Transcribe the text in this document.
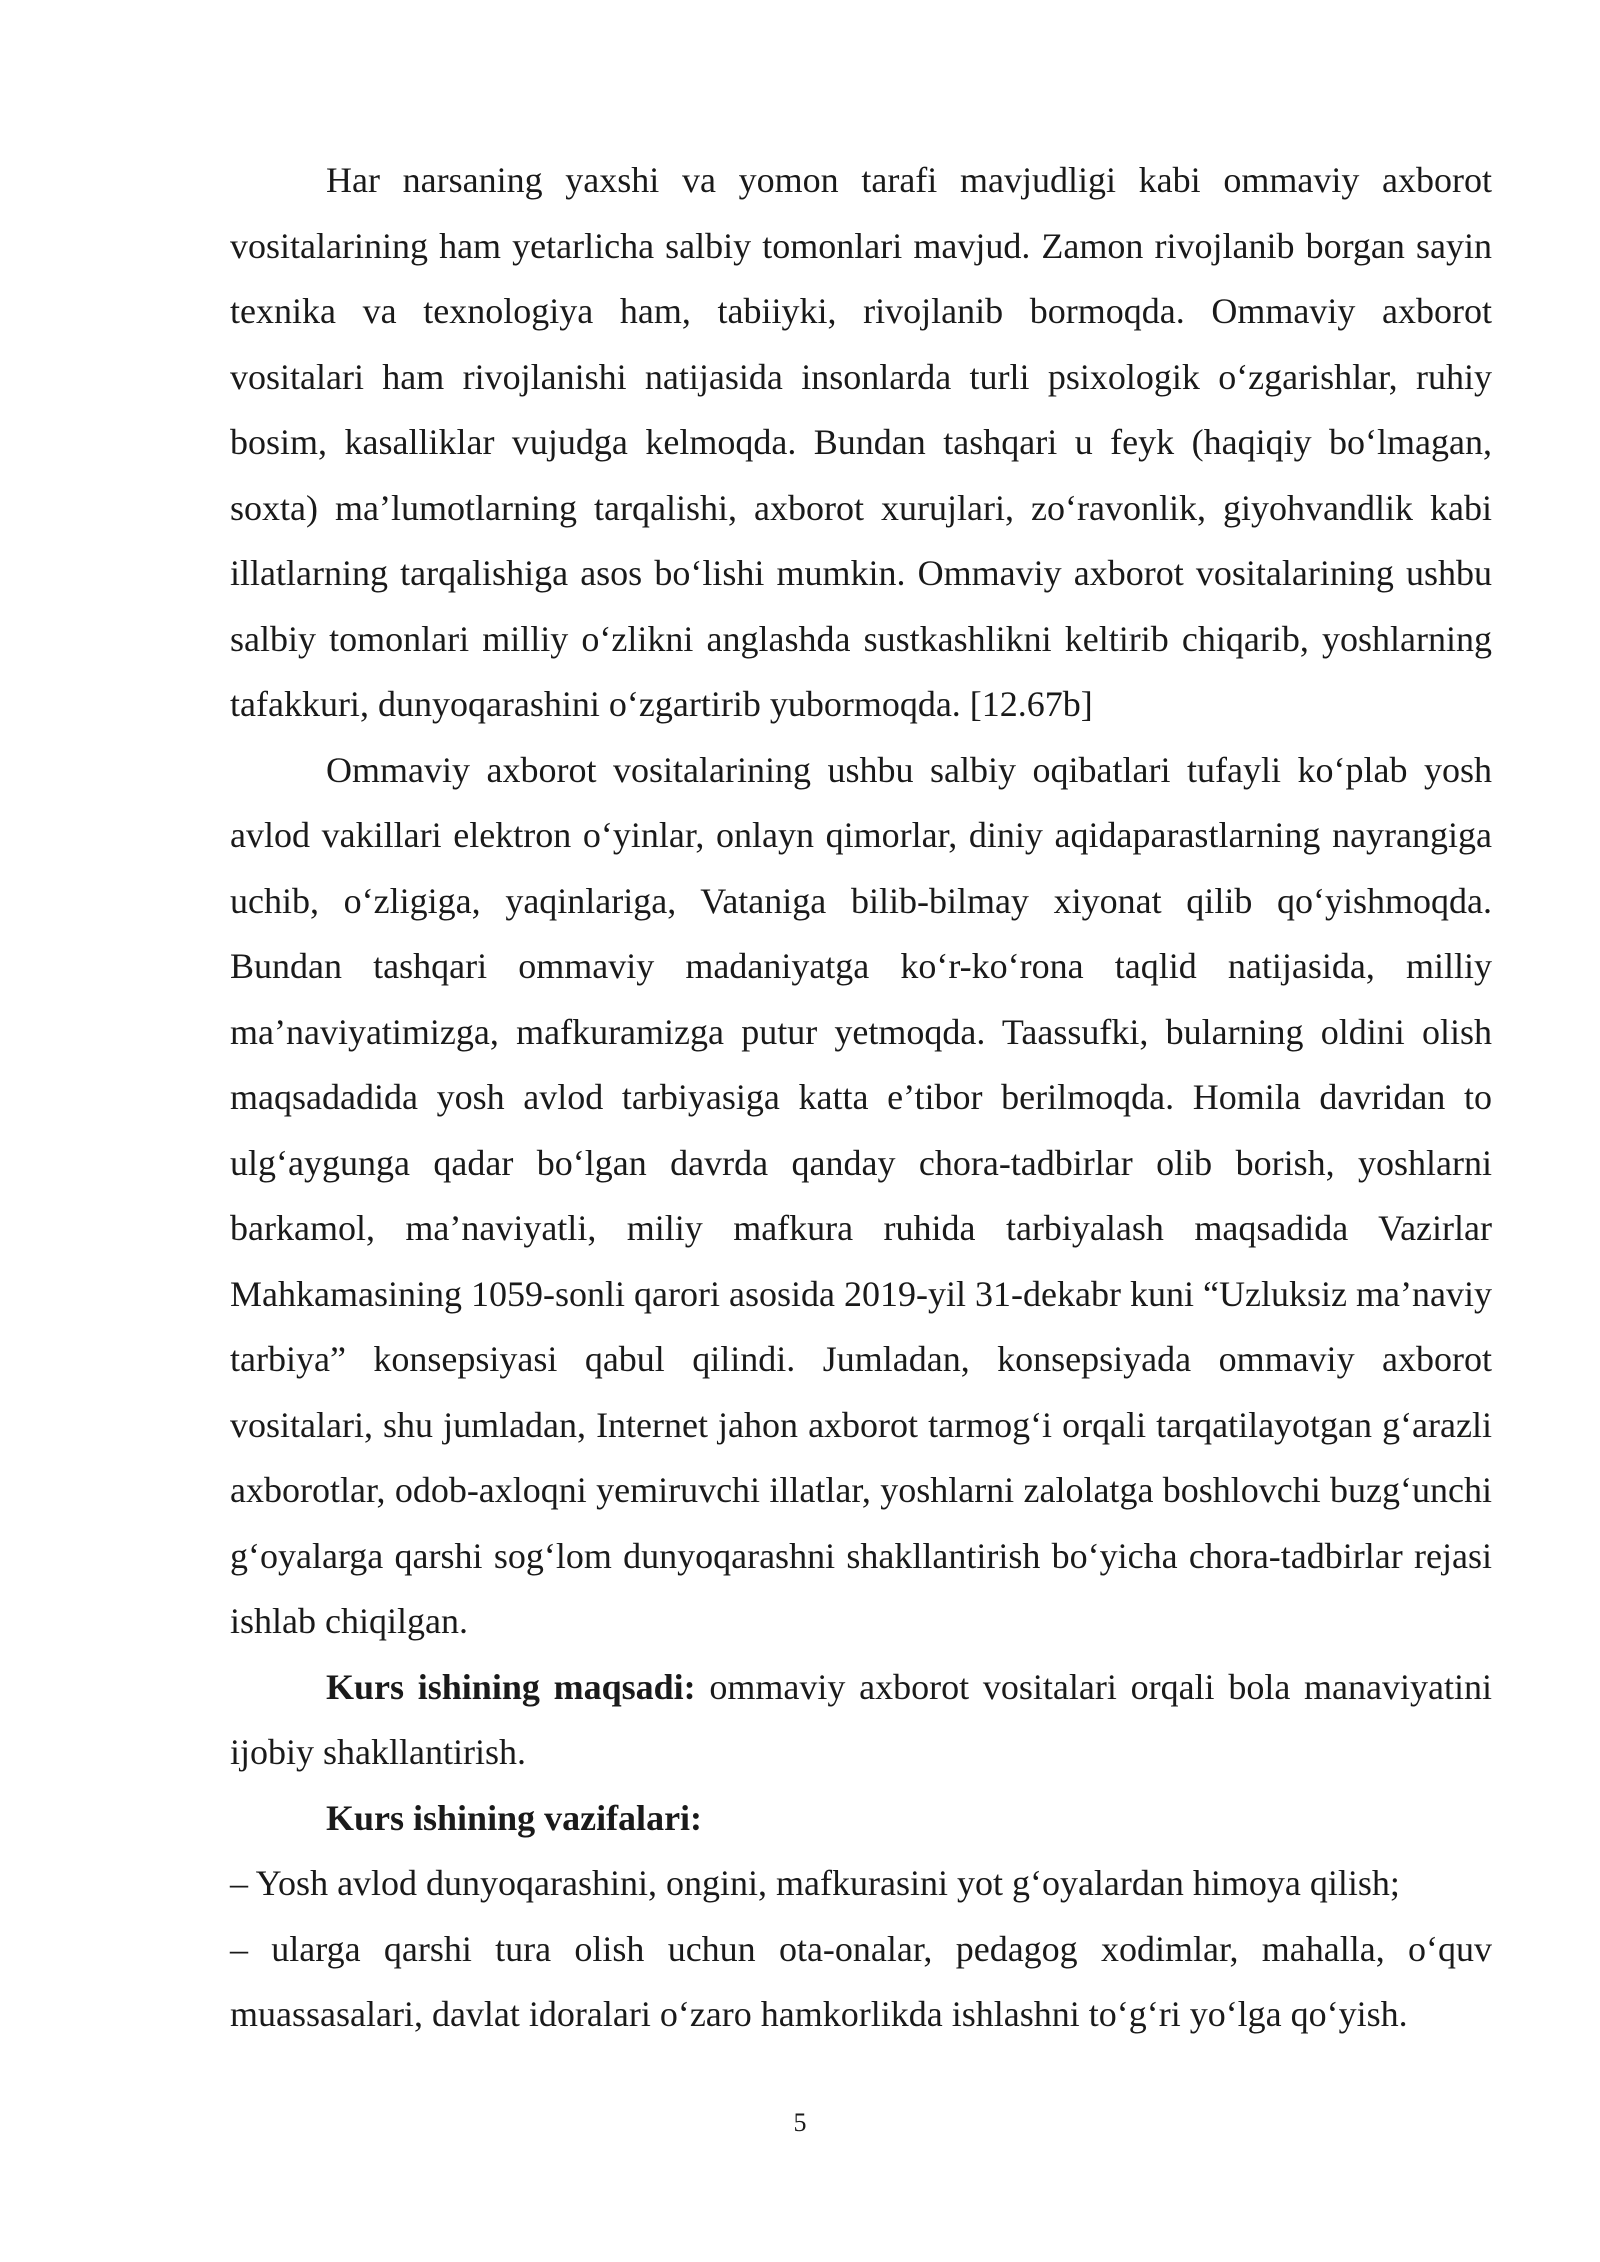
Har narsaning yaxshi va yomon tarafi mavjudligi kabi ommaviy axborot vositalarining ham yetarlicha salbiy tomonlari mavjud. Zamon rivojlanib borgan sayin texnika va texnologiya ham, tabiiyki, rivojlanib bormoqda. Ommaviy axborot vositalari ham rivojlanishi natijasida insonlarda turli psixologik o‘zgarishlar, ruhiy bosim, kasalliklar vujudga kelmoqda. Bundan tashqari u feyk (haqiqiy bo‘lmagan, soxta) ma’lumotlarning tarqalishi, axborot xurujlari, zo‘ravonlik, giyohvandlik kabi illatlarning tarqalishiga asos bo‘lishi mumkin. Ommaviy axborot vositalarining ushbu salbiy tomonlari milliy o‘zlikni anglashda sustkashlikni keltirib chiqarib, yoshlarning tafakkuri, dunyoqarashini o‘zgartirib yubormoqda. [12.67b]

Ommaviy axborot vositalarining ushbu salbiy oqibatlari tufayli ko‘plab yosh avlod vakillari elektron o‘yinlar, onlayn qimorlar, diniy aqidaparastlarning nayrangiga uchib, o‘zligiga, yaqinlariga, Vataniga bilib-bilmay xiyonat qilib qo‘yishmoqda. Bundan tashqari ommaviy madaniyatga ko‘r-ko‘rona taqlid natijasida, milliy ma’naviyatimizga, mafkuramizga putur yetmoqda. Taassufki, bularning oldini olish maqsadadida yosh avlod tarbiyasiga katta e’tibor berilmoqda. Homila davridan to ulg‘aygunga qadar bo‘lgan davrda qanday chora-tadbirlar olib borish, yoshlarni barkamol, ma’naviyatli, miliy mafkura ruhida tarbiyalash maqsadida Vazirlar Mahkamasining 1059-sonli qarori asosida 2019-yil 31-dekabr kuni “Uzluksiz ma’naviy tarbiya” konsepsiyasi qabul qilindi. Jumladan, konsepsiyada ommaviy axborot vositalari, shu jumladan, Internet jahon axborot tarmog‘i orqali tarqatilayotgan g‘arazli axborotlar, odob-axloqni yemiruvchi illatlar, yoshlarni zalolatga boshlovchi buzg‘unchi g‘oyalarga qarshi sog‘lom dunyoqarashni shakllantirish bo‘yicha chora-tadbirlar rejasi ishlab chiqilgan.

Kurs ishining maqsadi: ommaviy axborot vositalari orqali bola manaviyatini ijobiy shakllantirish.

Kurs ishining vazifalari:

– Yosh avlod dunyoqarashini, ongini, mafkurasini yot g‘oyalardan himoya qilish;

– ularga qarshi tura olish uchun ota-onalar, pedagog xodimlar, mahalla, o‘quv muassasalari, davlat idoralari o‘zaro hamkorlikda ishlashni to‘g‘ri yo‘lga qo‘yish.

5
